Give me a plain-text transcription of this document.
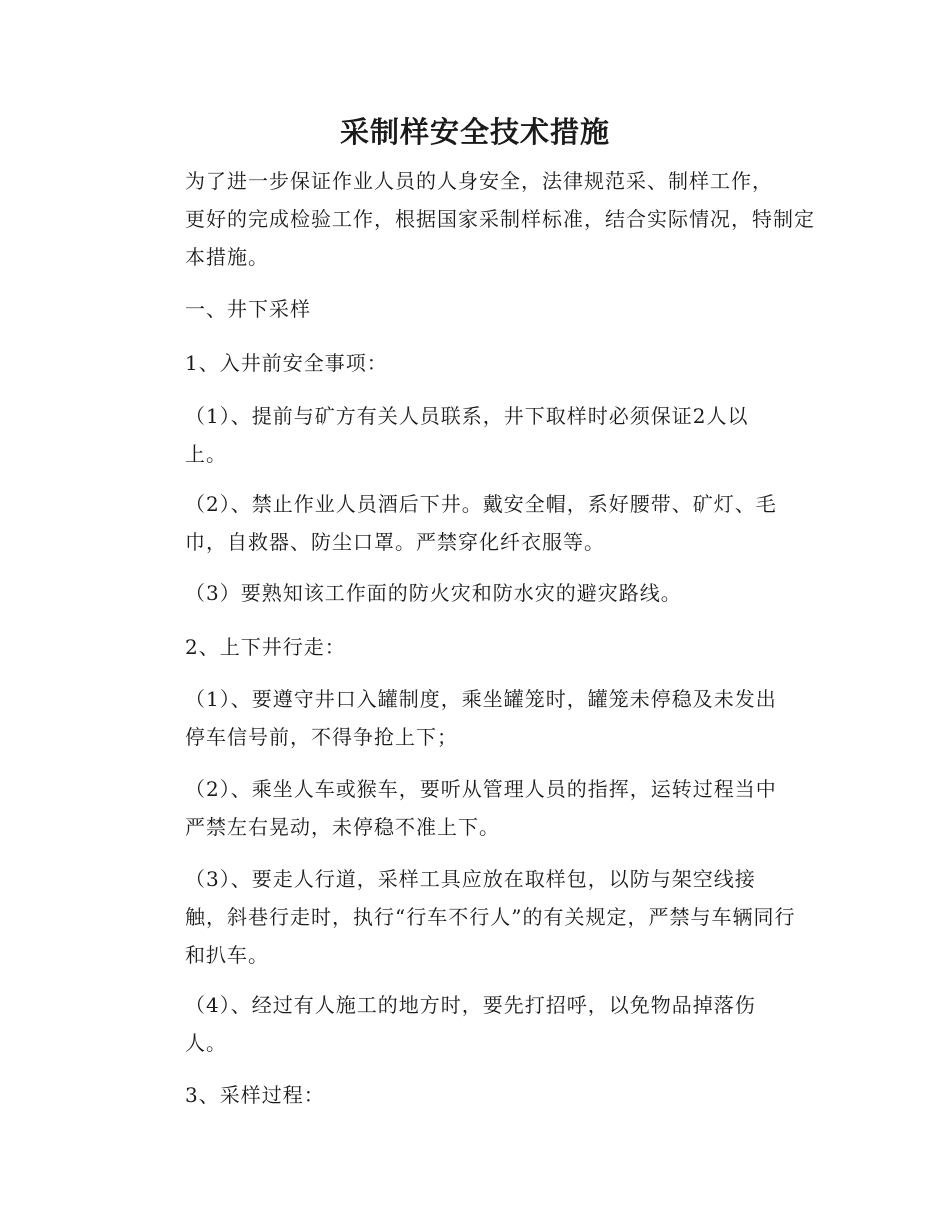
采制样安全技术措施
为了进一步保证作业人员的人身安全，法律规范采、制样工作，
更好的完成检验工作，根据国家采制样标准，结合实际情况，特制定
本措施。
一、井下采样
1、入井前安全事项：
（1）、提前与矿方有关人员联系，井下取样时必须保证2人以
上。
（2）、禁止作业人员酒后下井。戴安全帽，系好腰带、矿灯、毛
巾，自救器、防尘口罩。严禁穿化纤衣服等。
（3）要熟知该工作面的防火灾和防水灾的避灾路线。
2、上下井行走：
（1）、要遵守井口入罐制度，乘坐罐笼时，罐笼未停稳及未发出
停车信号前，不得争抢上下；
（2）、乘坐人车或猴车，要听从管理人员的指挥，运转过程当中
严禁左右晃动，未停稳不准上下。
（3）、要走人行道，采样工具应放在取样包，以防与架空线接
触，斜巷行走时，执行“行车不行人”的有关规定，严禁与车辆同行
和扒车。
（4）、经过有人施工的地方时，要先打招呼，以免物品掉落伤
人。
3、采样过程：
